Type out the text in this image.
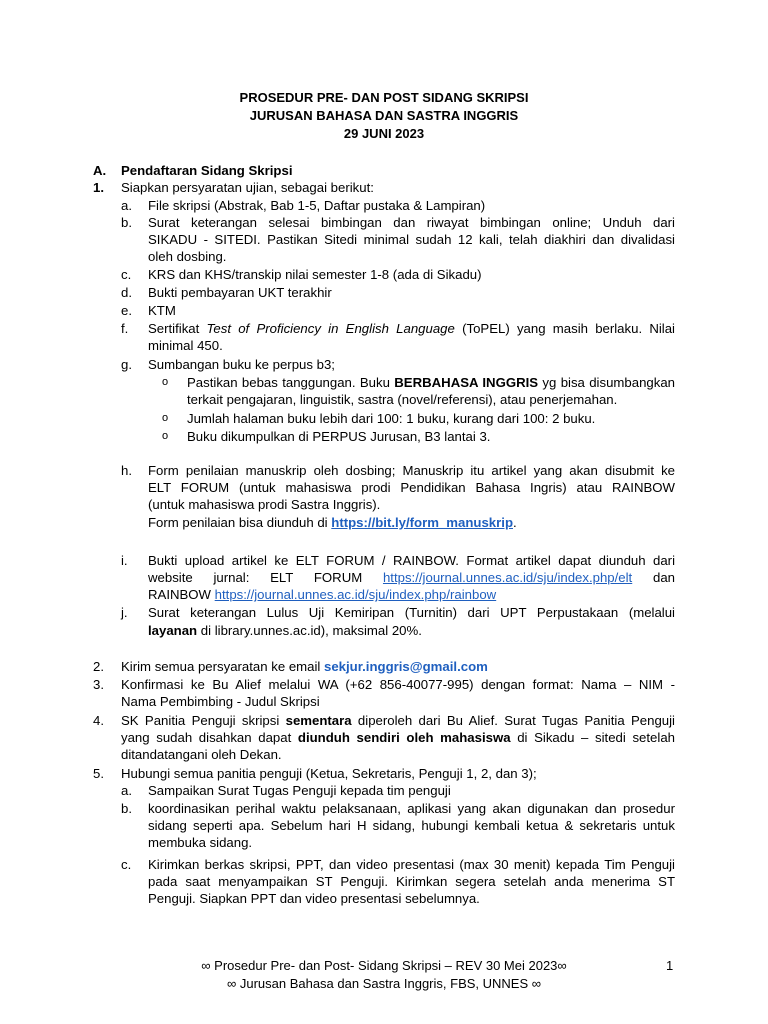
PROSEDUR PRE- DAN POST SIDANG SKRIPSI
JURUSAN BAHASA DAN SASTRA INGGRIS
29 JUNI 2023
A. Pendaftaran Sidang Skripsi
1. Siapkan persyaratan ujian, sebagai berikut:
a. File skripsi (Abstrak, Bab 1-5, Daftar pustaka & Lampiran)
b. Surat keterangan selesai bimbingan dan riwayat bimbingan online; Unduh dari
SIKADU - SITEDI. Pastikan Sitedi minimal sudah 12 kali, telah diakhiri dan divalidasi
oleh dosbing.
c. KRS dan KHS/transkip nilai semester 1-8 (ada di Sikadu)
d. Bukti pembayaran UKT terakhir
e. KTM
f. Sertifikat Test of Proficiency in English Language (ToPEL) yang masih berlaku. Nilai
minimal 450.
g. Sumbangan buku ke perpus b3;
o Pastikan bebas tanggungan. Buku BERBAHASA INGGRIS yg bisa disumbangkan
terkait pengajaran, linguistik, sastra (novel/referensi), atau penerjemahan.
o Jumlah halaman buku lebih dari 100: 1 buku, kurang dari 100: 2 buku.
o Buku dikumpulkan di PERPUS Jurusan, B3 lantai 3.
h. Form penilaian manuskrip oleh dosbing; Manuskrip itu artikel yang akan disubmit ke
ELT FORUM (untuk mahasiswa prodi Pendidikan Bahasa Ingris) atau RAINBOW
(untuk mahasiswa prodi Sastra Inggris).
Form penilaian bisa diunduh di https://bit.ly/form_manuskrip.
i. Bukti upload artikel ke ELT FORUM / RAINBOW. Format artikel dapat diunduh dari
website jurnal: ELT FORUM https://journal.unnes.ac.id/sju/index.php/elt dan
RAINBOW https://journal.unnes.ac.id/sju/index.php/rainbow
j. Surat keterangan Lulus Uji Kemiripan (Turnitin) dari UPT Perpustakaan (melalui
layanan di library.unnes.ac.id), maksimal 20%.
2. Kirim semua persyaratan ke email sekjur.inggris@gmail.com
3. Konfirmasi ke Bu Alief melalui WA (+62 856-40077-995) dengan format: Nama – NIM -
Nama Pembimbing - Judul Skripsi
4. SK Panitia Penguji skripsi sementara diperoleh dari Bu Alief. Surat Tugas Panitia Penguji
yang sudah disahkan dapat diunduh sendiri oleh mahasiswa di Sikadu – sitedi setelah
ditandatangani oleh Dekan.
5. Hubungi semua panitia penguji (Ketua, Sekretaris, Penguji 1, 2, dan 3);
a. Sampaikan Surat Tugas Penguji kepada tim penguji
b. koordinasikan perihal waktu pelaksanaan, aplikasi yang akan digunakan dan prosedur
sidang seperti apa. Sebelum hari H sidang, hubungi kembali ketua & sekretaris untuk
membuka sidang.
c. Kirimkan berkas skripsi, PPT, dan video presentasi (max 30 menit) kepada Tim Penguji
pada saat menyampaikan ST Penguji. Kirimkan segera setelah anda menerima ST
Penguji. Siapkan PPT dan video presentasi sebelumnya.
∞ Prosedur Pre- dan Post- Sidang Skripsi – REV 30 Mei 2023∞
∞ Jurusan Bahasa dan Sastra Inggris, FBS, UNNES ∞
1
